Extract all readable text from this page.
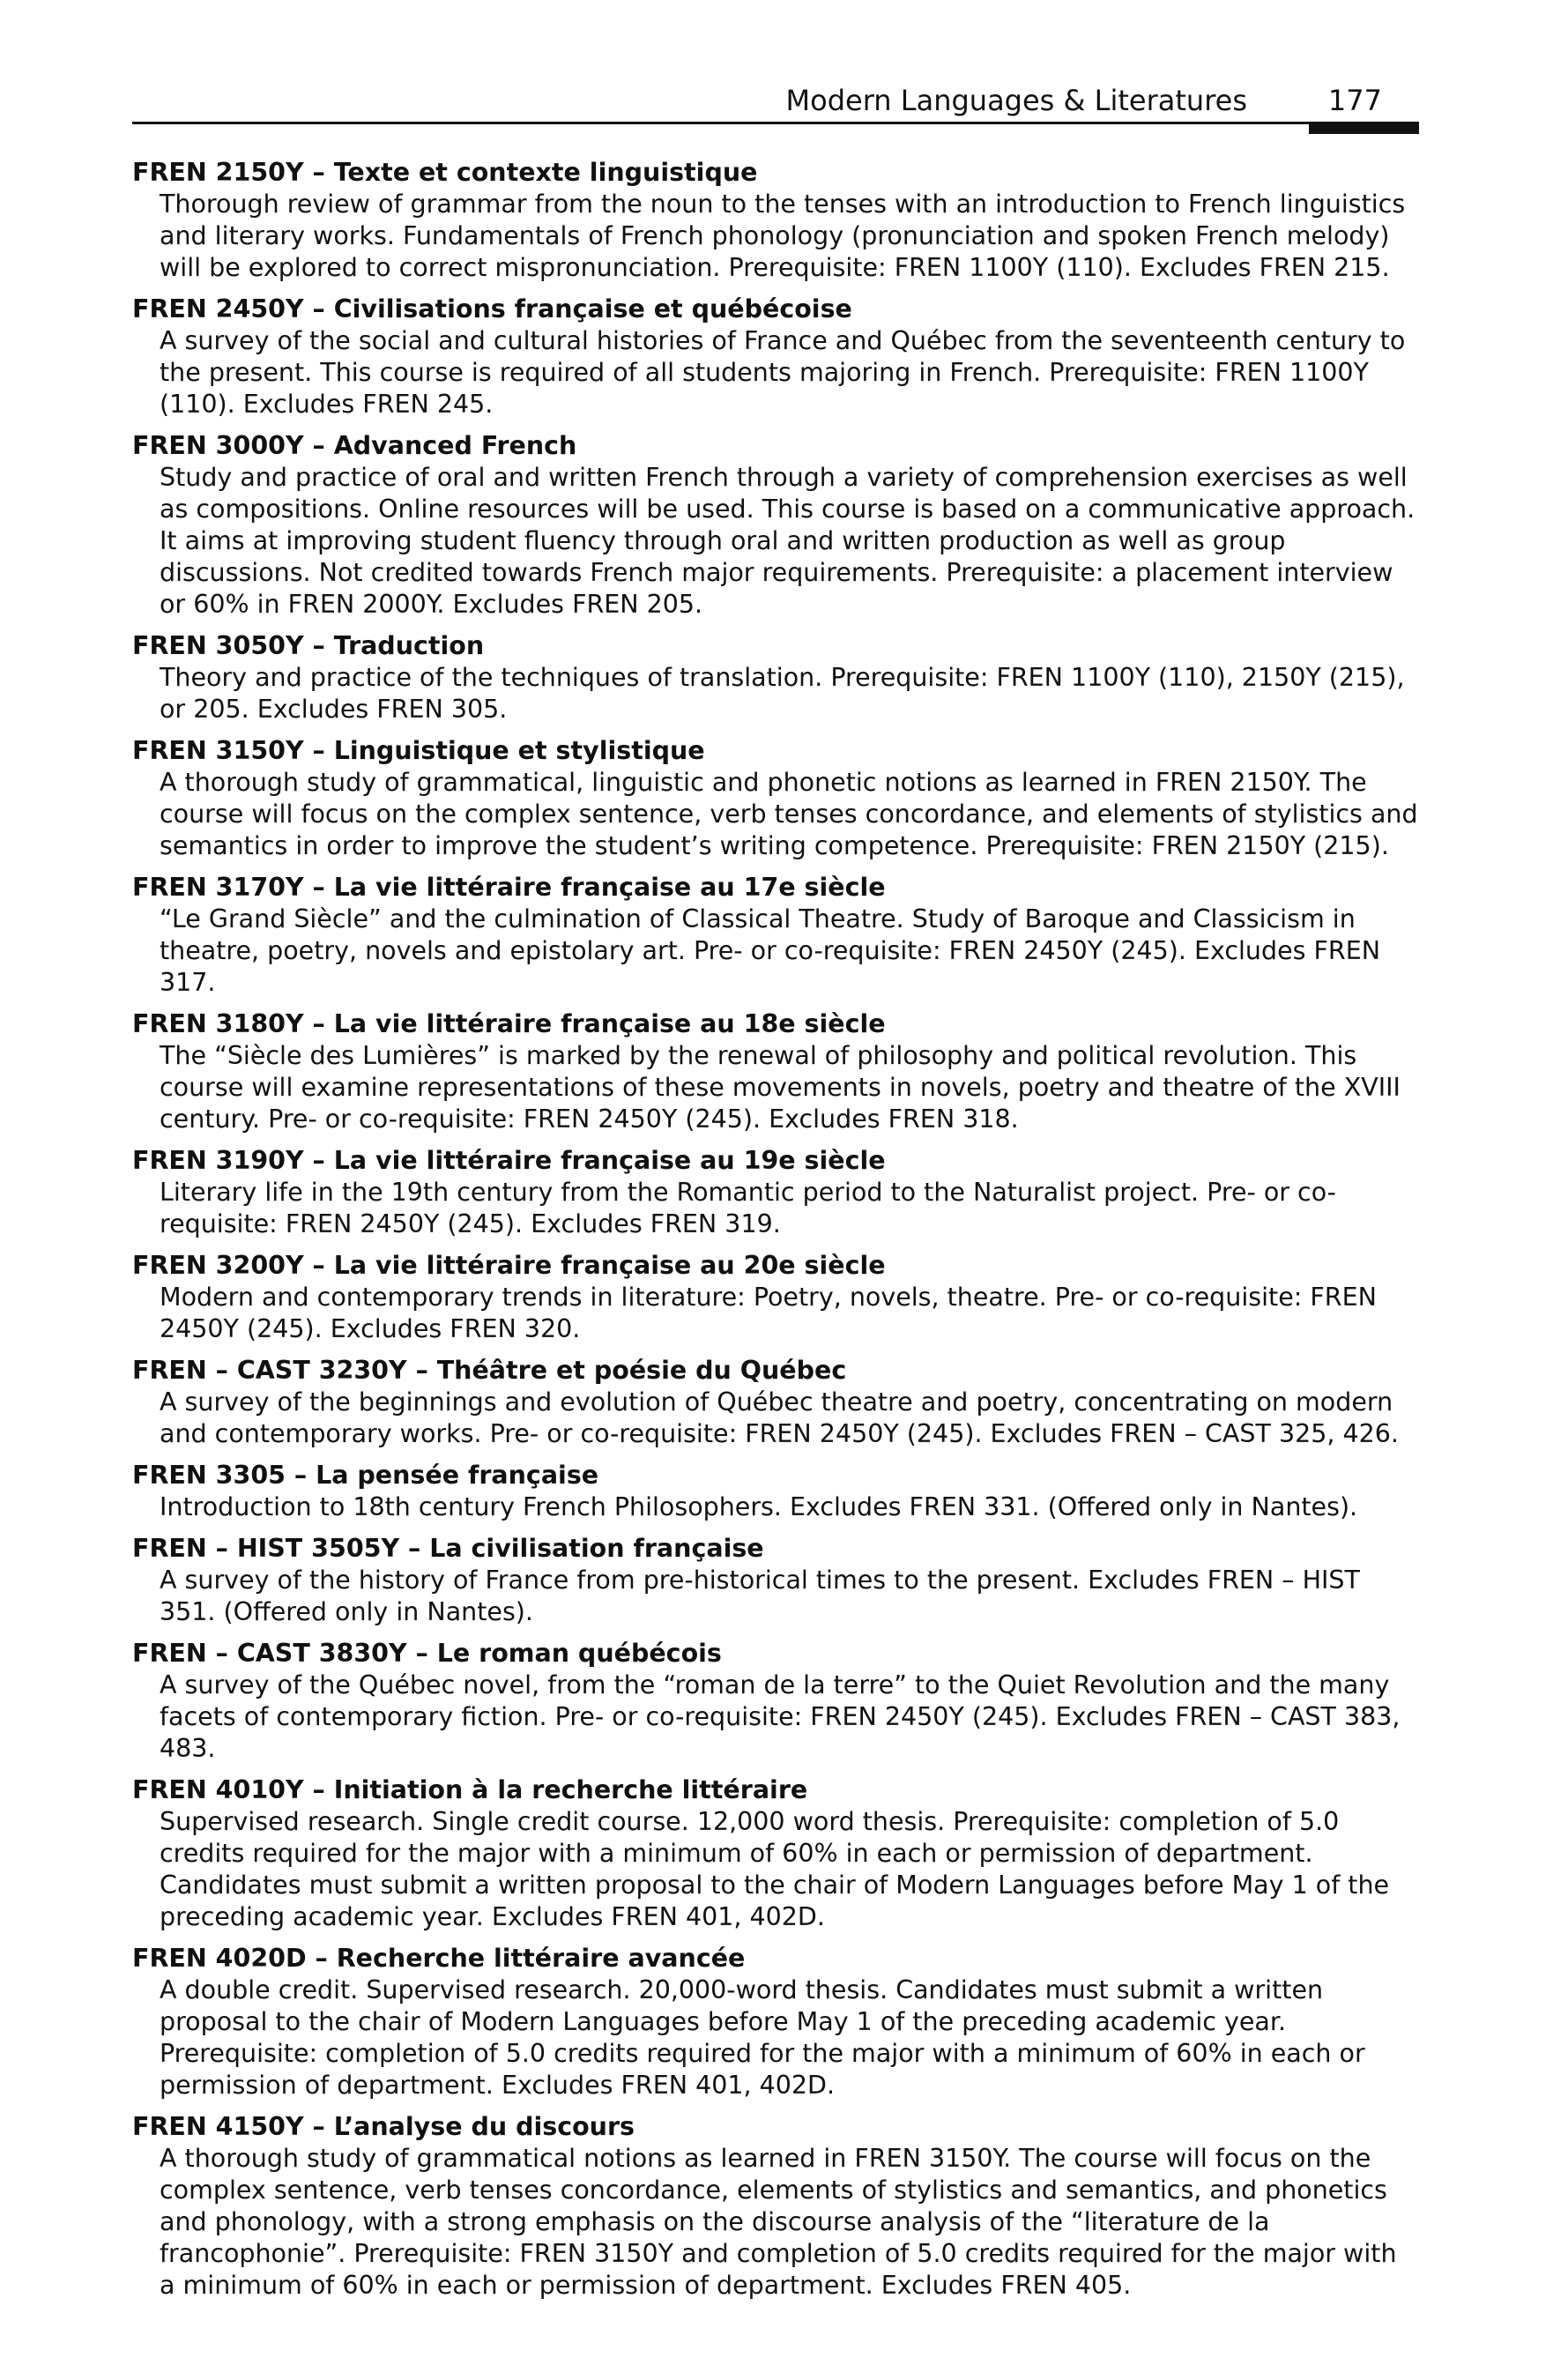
Modern Languages & Literatures	177
FREN 2150Y – Texte et contexte linguistique
Thorough review of grammar from the noun to the tenses with an introduction to French linguistics and literary works. Fundamentals of French phonology (pronunciation and spoken French melody) will be explored to correct mispronunciation. Prerequisite: FREN 1100Y (110). Excludes FREN 215.
FREN 2450Y – Civilisations française et québécoise
A survey of the social and cultural histories of France and Québec from the seventeenth century to the present. This course is required of all students majoring in French. Prerequisite: FREN 1100Y (110). Excludes FREN 245.
FREN 3000Y – Advanced French
Study and practice of oral and written French through a variety of comprehension exercises as well as compositions. Online resources will be used. This course is based on a communicative approach. It aims at improving student fluency through oral and written production as well as group discussions. Not credited towards French major requirements. Prerequisite: a placement interview or 60% in FREN 2000Y. Excludes FREN 205.
FREN 3050Y – Traduction
Theory and practice of the techniques of translation. Prerequisite: FREN 1100Y (110), 2150Y (215), or 205. Excludes FREN 305.
FREN 3150Y – Linguistique et stylistique
A thorough study of grammatical, linguistic and phonetic notions as learned in FREN 2150Y. The course will focus on the complex sentence, verb tenses concordance, and elements of stylistics and semantics in order to improve the student’s writing competence. Prerequisite: FREN 2150Y (215).
FREN 3170Y – La vie littéraire française au 17e siècle
“Le Grand Siècle” and the culmination of Classical Theatre. Study of Baroque and Classicism in theatre, poetry, novels and epistolary art. Pre- or co-requisite: FREN 2450Y (245). Excludes FREN 317.
FREN 3180Y – La vie littéraire française au 18e siècle
The “Siècle des Lumières” is marked by the renewal of philosophy and political revolution. This course will examine representations of these movements in novels, poetry and theatre of the XVIII century. Pre- or co-requisite: FREN 2450Y (245). Excludes FREN 318.
FREN 3190Y – La vie littéraire française au 19e siècle
Literary life in the 19th century from the Romantic period to the Naturalist project. Pre- or co-requisite: FREN 2450Y (245). Excludes FREN 319.
FREN 3200Y – La vie littéraire française au 20e siècle
Modern and contemporary trends in literature: Poetry, novels, theatre. Pre- or co-requisite: FREN 2450Y (245). Excludes FREN 320.
FREN – CAST 3230Y – Théâtre et poésie du Québec
A survey of the beginnings and evolution of Québec theatre and poetry, concentrating on modern and contemporary works. Pre- or co-requisite: FREN 2450Y (245). Excludes FREN – CAST 325, 426.
FREN 3305 – La pensée française
Introduction to 18th century French Philosophers. Excludes FREN 331. (Offered only in Nantes).
FREN – HIST 3505Y – La civilisation française
A survey of the history of France from pre-historical times to the present. Excludes FREN – HIST 351. (Offered only in Nantes).
FREN – CAST 3830Y – Le roman québécois
A survey of the Québec novel, from the “roman de la terre” to the Quiet Revolution and the many facets of contemporary fiction. Pre- or co-requisite: FREN 2450Y (245). Excludes FREN – CAST 383, 483.
FREN 4010Y – Initiation à la recherche littéraire
Supervised research. Single credit course. 12,000 word thesis. Prerequisite: completion of 5.0 credits required for the major with a minimum of 60% in each or permission of department. Candidates must submit a written proposal to the chair of Modern Languages before May 1 of the preceding academic year. Excludes FREN 401, 402D.
FREN 4020D – Recherche littéraire avancée
A double credit. Supervised research. 20,000-word thesis. Candidates must submit a written proposal to the chair of Modern Languages before May 1 of the preceding academic year. Prerequisite: completion of 5.0 credits required for the major with a minimum of 60% in each or permission of department. Excludes FREN 401, 402D.
FREN 4150Y – L’analyse du discours
A thorough study of grammatical notions as learned in FREN 3150Y. The course will focus on the complex sentence, verb tenses concordance, elements of stylistics and semantics, and phonetics and phonology, with a strong emphasis on the discourse analysis of the “literature de la francophonie”. Prerequisite: FREN 3150Y and completion of 5.0 credits required for the major with a minimum of 60% in each or permission of department. Excludes FREN 405.
